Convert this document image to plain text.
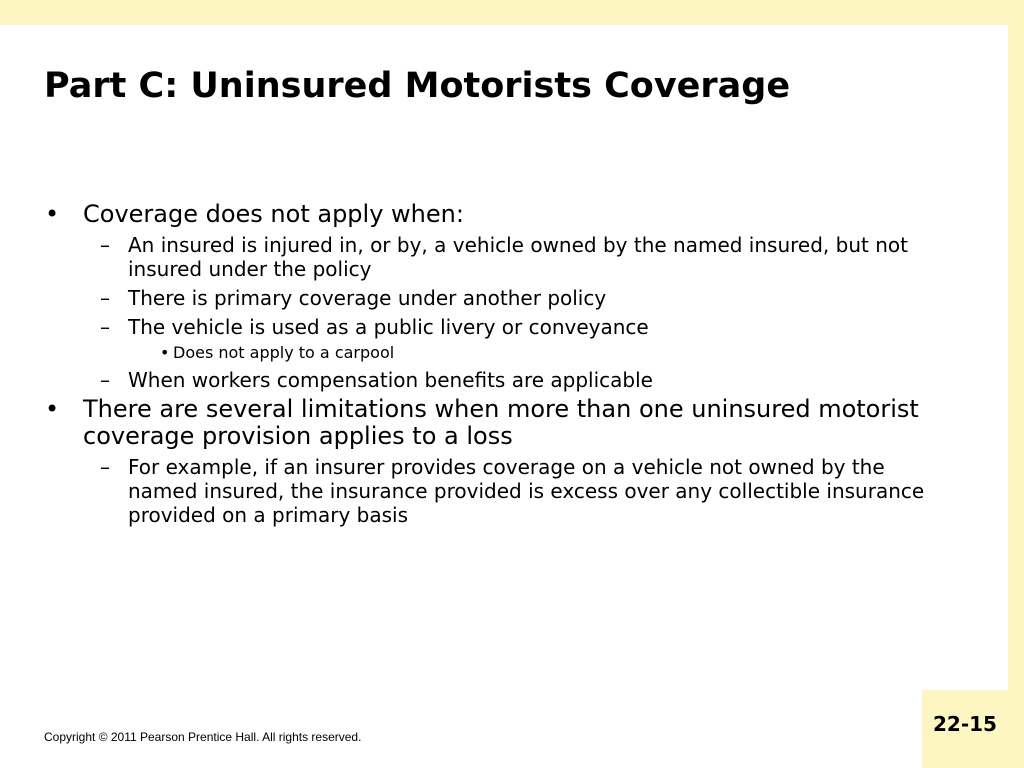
22-15
Part C: Uninsured Motorists Coverage
• Coverage does not apply when:
– An insured is injured in, or by, a vehicle owned by the named insured, but not insured under the policy
– There is primary coverage under another policy
– The vehicle is used as a public livery or conveyance
• Does not apply to a carpool
– When workers compensation benefits are applicable
• There are several limitations when more than one uninsured motorist coverage provision applies to a loss
– For example, if an insurer provides coverage on a vehicle not owned by the named insured, the insurance provided is excess over any collectible insurance provided on a primary basis
Copyright © 2011 Pearson Prentice Hall. All rights reserved.
